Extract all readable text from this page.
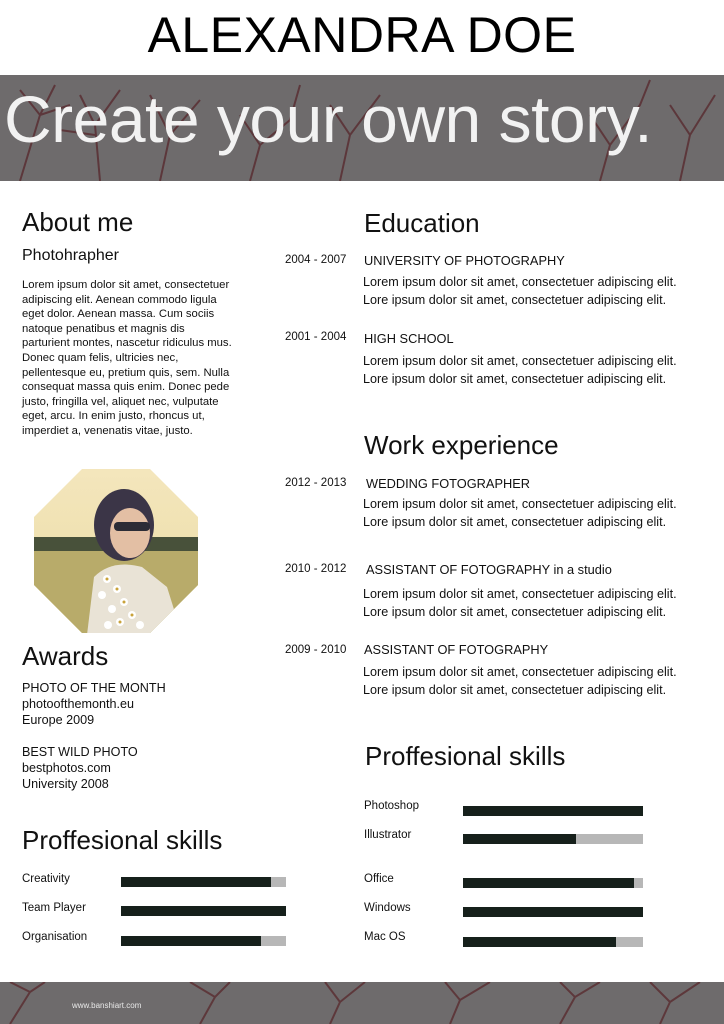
ALEXANDRA DOE
Create your own story.
About me
Photohrapher
Lorem ipsum dolor sit amet, consectetuer adipiscing elit. Aenean commodo ligula eget dolor. Aenean massa. Cum sociis natoque penatibus et magnis dis parturient montes, nascetur ridiculus mus. Donec quam felis, ultricies nec, pellentesque eu, pretium quis, sem. Nulla consequat massa quis enim. Donec pede justo, fringilla vel, aliquet nec, vulputate eget, arcu. In enim justo, rhoncus ut, imperdiet a, venenatis vitae, justo.
Awards
PHOTO OF THE MONTH
photoofthemonth.eu
Europe 2009
BEST WILD PHOTO
bestphotos.com
University 2008
Proffesional skills
Creativity
Team Player
Organisation
Education
2004 - 2007 UNIVERSITY OF PHOTOGRAPHY
Lorem ipsum dolor sit amet, consectetuer adipiscing elit.
Lore ipsum dolor sit amet, consectetuer adipiscing elit.
2001 - 2004 HIGH SCHOOL
Lorem ipsum dolor sit amet, consectetuer adipiscing elit.
Lore ipsum dolor sit amet, consectetuer adipiscing elit.
Work experience
2012 - 2013 WEDDING FOTOGRAPHER
Lorem ipsum dolor sit amet, consectetuer adipiscing elit.
Lore ipsum dolor sit amet, consectetuer adipiscing elit.
2010 - 2012 ASSISTANT OF FOTOGRAPHY in a studio
Lorem ipsum dolor sit amet, consectetuer adipiscing elit.
Lore ipsum dolor sit amet, consectetuer adipiscing elit.
2009 - 2010 ASSISTANT OF FOTOGRAPHY
Lorem ipsum dolor sit amet, consectetuer adipiscing elit.
Lore ipsum dolor sit amet, consectetuer adipiscing elit.
Proffesional skills
Photoshop
Illustrator
Office
Windows
Mac OS
www.banshiart.com
